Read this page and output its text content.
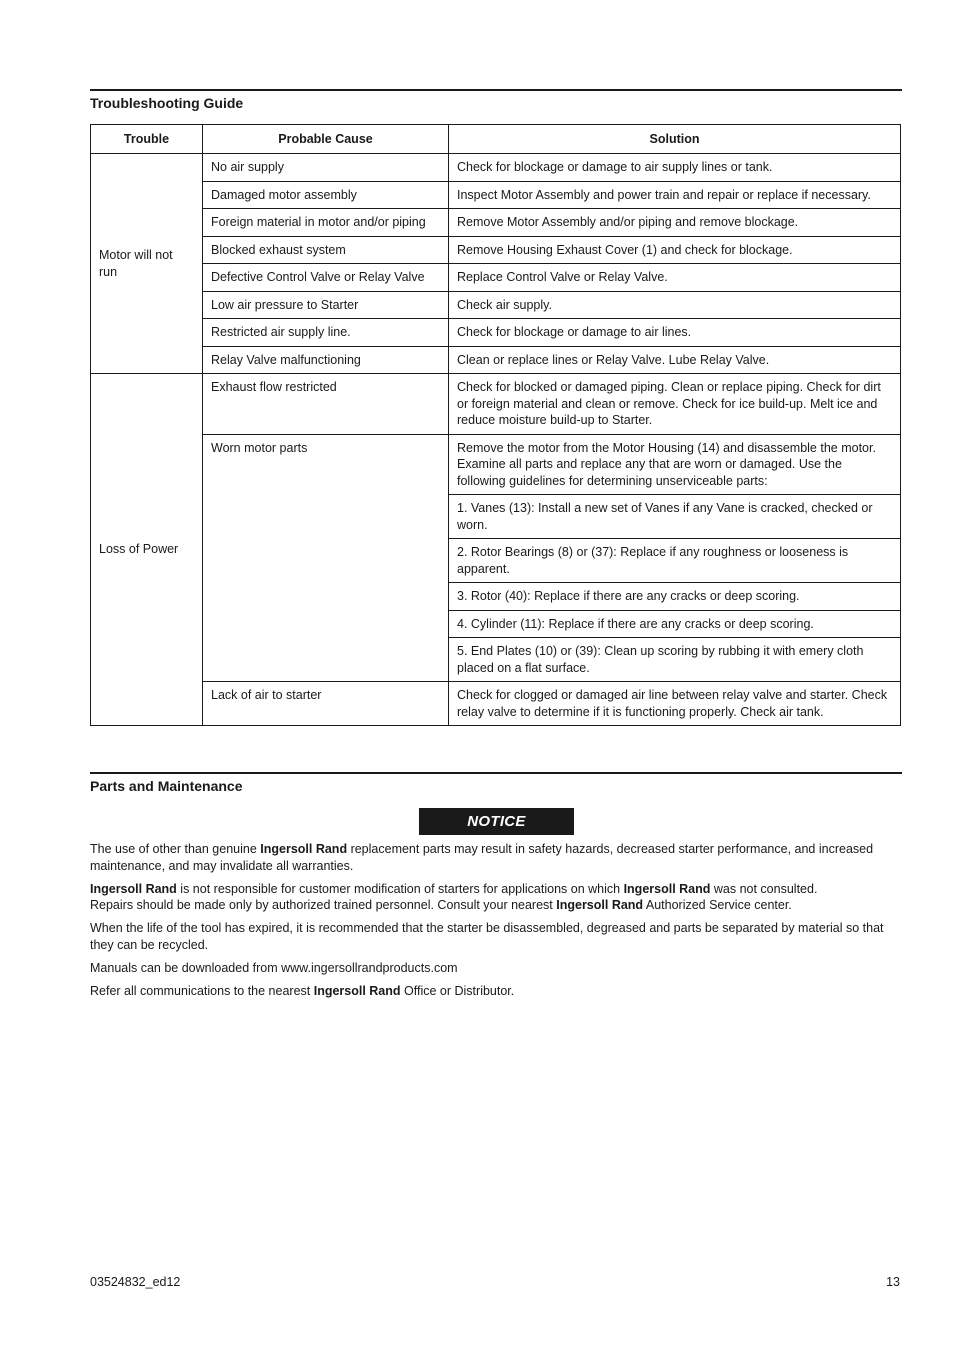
Troubleshooting Guide

Trouble	Probable Cause	Solution
Motor will not run	No air supply	Check for blockage or damage to air supply lines or tank.
	Damaged motor assembly	Inspect Motor Assembly and power train and repair or replace if necessary.
	Foreign material in motor and/or piping	Remove Motor Assembly and/or piping and remove blockage.
	Blocked exhaust system	Remove Housing Exhaust Cover (1) and check for blockage.
	Defective Control Valve or Relay Valve	Replace Control Valve or Relay Valve.
	Low air pressure to Starter	Check air supply.
	Restricted air supply line.	Check for blockage or damage to air lines.
	Relay Valve malfunctioning	Clean or replace lines or Relay Valve. Lube Relay Valve.
Loss of Power	Exhaust flow restricted	Check for blocked or damaged piping. Clean or replace piping. Check for dirt or foreign material and clean or remove. Check for ice build-up. Melt ice and reduce moisture build-up to Starter.
	Worn motor parts	Remove the motor from the Motor Housing (14) and disassemble the motor. Examine all parts and replace any that are worn or damaged. Use the following guidelines for determining unserviceable parts:
		1. Vanes (13): Install a new set of Vanes if any Vane is cracked, checked or worn.
		2. Rotor Bearings (8) or (37): Replace if any roughness or looseness is apparent.
		3. Rotor (40): Replace if there are any cracks or deep scoring.
		4. Cylinder (11): Replace if there are any cracks or deep scoring.
		5. End Plates (10) or (39): Clean up scoring by rubbing it with emery cloth placed on a flat surface.
	Lack of air to starter	Check for clogged or damaged air line between relay valve and starter. Check relay valve to determine if it is functioning properly. Check air tank.

Parts and Maintenance

NOTICE

The use of other than genuine Ingersoll Rand replacement parts may result in safety hazards, decreased starter performance, and increased maintenance, and may invalidate all warranties.

Ingersoll Rand is not responsible for customer modification of starters for applications on which Ingersoll Rand was not consulted.
Repairs should be made only by authorized trained personnel. Consult your nearest Ingersoll Rand Authorized Service center.

When the life of the tool has expired, it is recommended that the starter be disassembled, degreased and parts be separated by material so that they can be recycled.

Manuals can be downloaded from www.ingersollrandproducts.com

Refer all communications to the nearest Ingersoll Rand Office or Distributor.

03524832_ed12	13
